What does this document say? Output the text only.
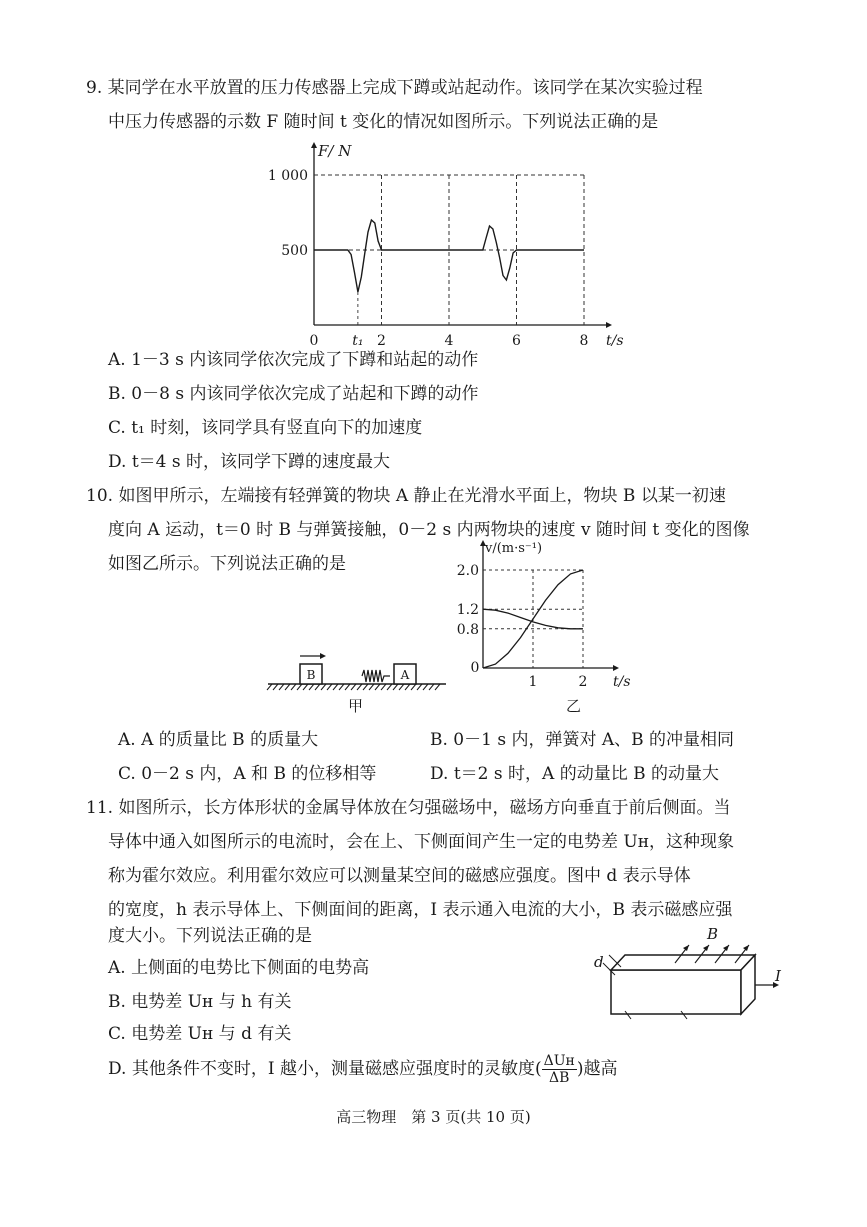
9. 某同学在水平放置的压力传感器上完成下蹲或站起动作。该同学在某次实验过程
中压力传感器的示数 F 随时间 t 变化的情况如图所示。下列说法正确的是
1 000
500
0 t₁ 2	4	6	8
F/ N
t/s
A. 1－3 s 内该同学依次完成了下蹲和站起的动作
B. 0－8 s 内该同学依次完成了站起和下蹲的动作
C. t₁ 时刻，该同学具有竖直向下的加速度
D. t＝4 s 时，该同学下蹲的速度最大
10. 如图甲所示，左端接有轻弹簧的物块 A 静止在光滑水平面上，物块 B 以某一初速
度向 A 运动，t＝0 时 B 与弹簧接触，0－2 s 内两物块的速度 v 随时间 t 变化的图像
如图乙所示。下列说法正确的是
B	A
甲
2.0
1.2
0.8
0
1	2
v/(m·s⁻¹)
t/s
乙
A. A 的质量比 B 的质量大	B. 0－1 s 内，弹簧对 A、B 的冲量相同
C. 0－2 s 内，A 和 B 的位移相等	D. t＝2 s 时，A 的动量比 B 的动量大
11. 如图所示，长方体形状的金属导体放在匀强磁场中，磁场方向垂直于前后侧面。当
导体中通入如图所示的电流时，会在上、下侧面间产生一定的电势差 Uʜ，这种现象
称为霍尔效应。利用霍尔效应可以测量某空间的磁感应强度。图中 d 表示导体
的宽度，h 表示导体上、下侧面间的距离，I 表示通入电流的大小，B 表示磁感应强
度大小。下列说法正确的是
A. 上侧面的电势比下侧面的电势高
B. 电势差 Uʜ 与 h 有关
C. 电势差 Uʜ 与 d 有关
D. 其他条件不变时，I 越小，测量磁感应强度时的灵敏度( $\frac{\text{ΔUʜ}}{\Delta B}$ )越高
B
d
I
高三物理　第 3 页(共 10 页)
